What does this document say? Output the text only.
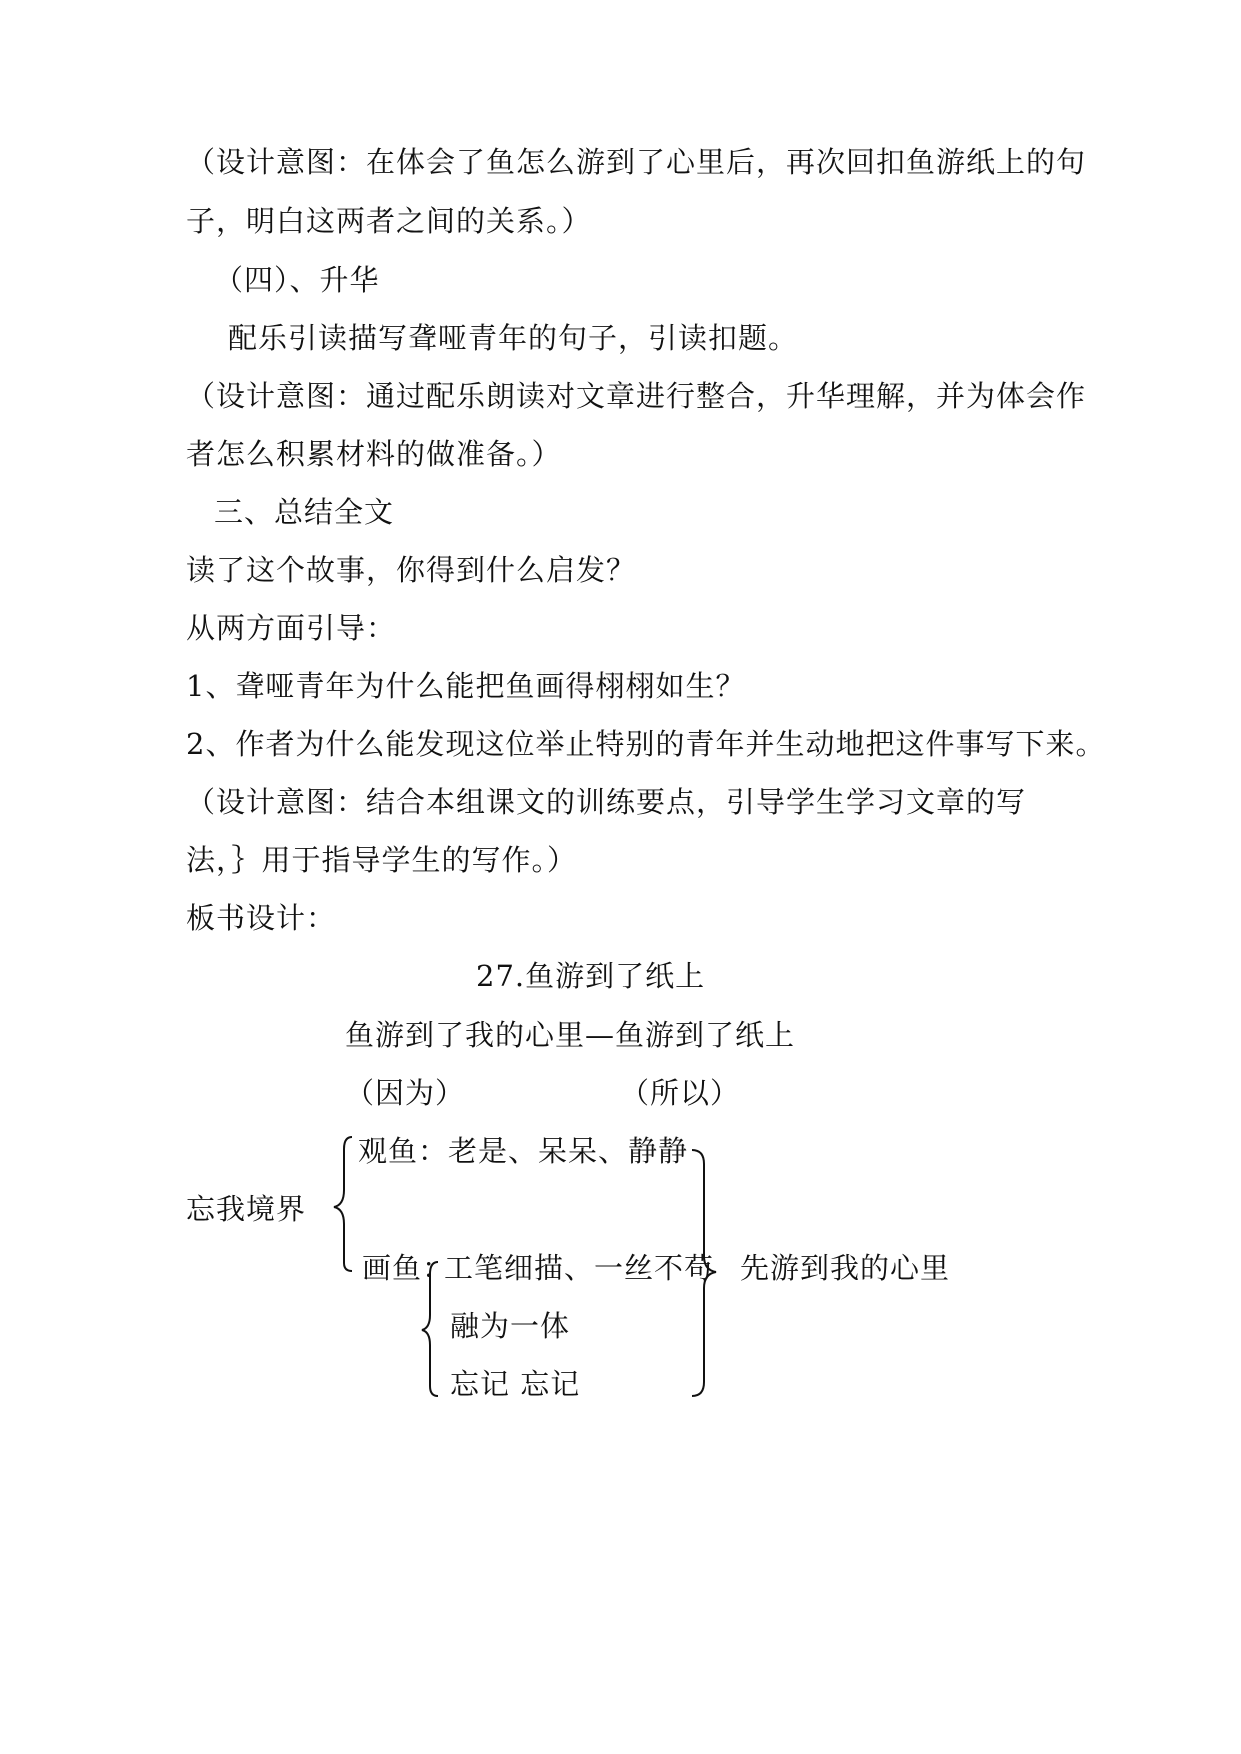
（设计意图：在体会了鱼怎么游到了心里后，再次回扣鱼游纸上的句
子，明白这两者之间的关系。）
（四）、升华
配乐引读描写聋哑青年的句子，引读扣题。
（设计意图：通过配乐朗读对文章进行整合，升华理解，并为体会作
者怎么积累材料的做准备。）
三、总结全文
读了这个故事，你得到什么启发？
从两方面引导：
1、聋哑青年为什么能把鱼画得栩栩如生？
2、作者为什么能发现这位举止特别的青年并生动地把这件事写下来。
（设计意图：结合本组课文的训练要点，引导学生学习文章的写
法，｝用于指导学生的写作。）
板书设计：
27.鱼游到了纸上
鱼游到了我的心里—鱼游到了纸上
（因为）	（所以）
忘我境界
观鱼：老是、呆呆、静静
画鱼：
工笔细描、一丝不苟
融为一体
忘记 忘记
先游到我的心里
